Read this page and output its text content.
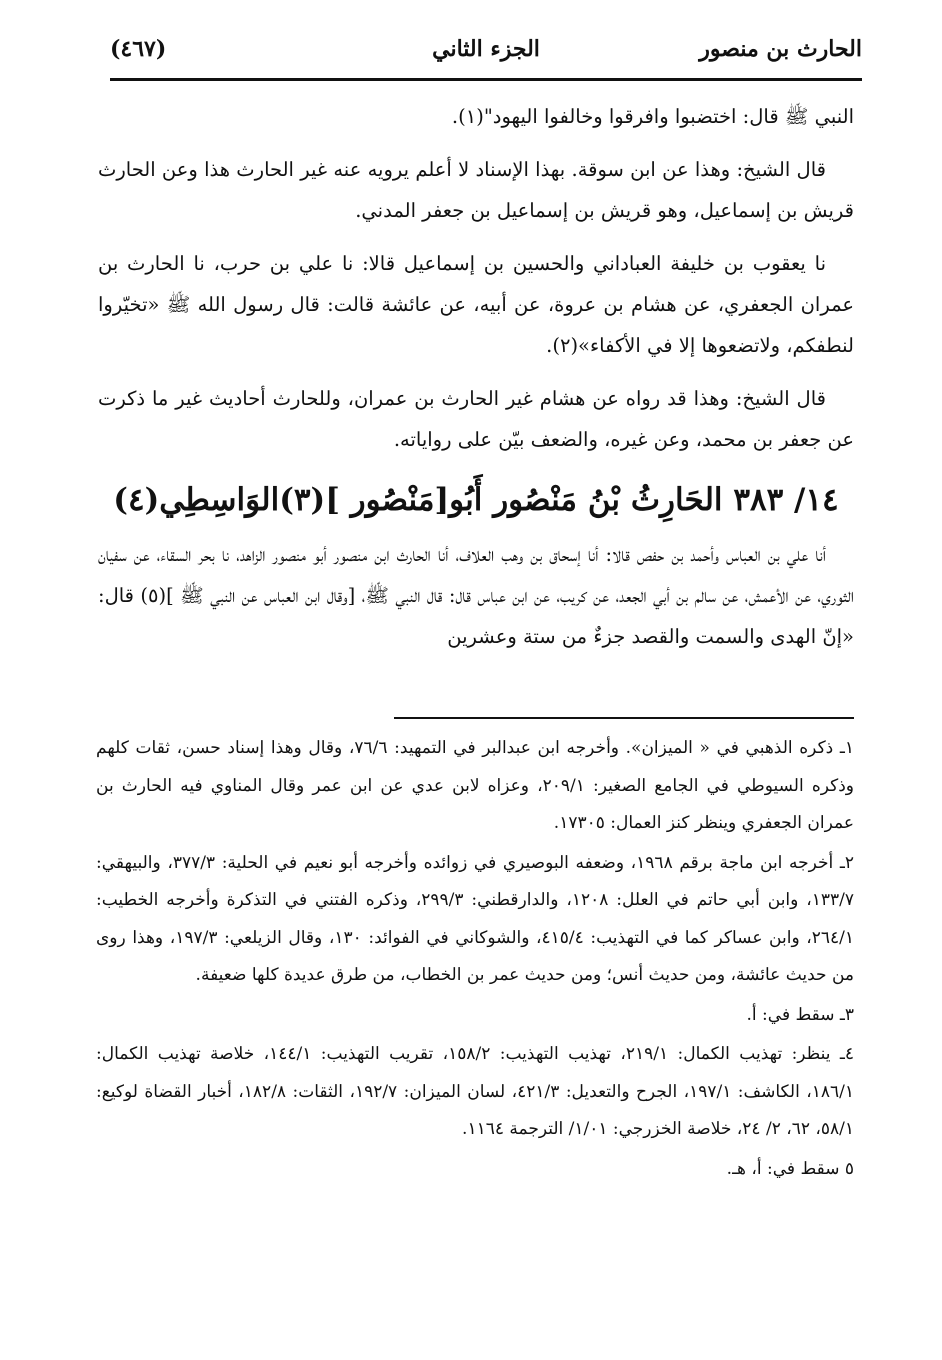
الحارث بن منصور
الجزء الثاني
(٤٦٧)

النبي ﷺ قال: اختضبوا وافرقوا وخالفوا اليهود"(١).

قال الشيخ: وهذا عن ابن سوقة. بهذا الإسناد لا أعلم يرويه عنه غير الحارث هذا وعن الحارث قريش بن إسماعيل، وهو قريش بن إسماعيل بن جعفر المدني.

نا يعقوب بن خليفة العباداني والحسين بن إسماعيل قالا: نا علي بن حرب، نا الحارث بن عمران الجعفري، عن هشام بن عروة، عن أبيه، عن عائشة قالت: قال رسول الله ﷺ «تخيّروا لنطفكم، ولاتضعوها إلا في الأكفاء»(٢).

قال الشيخ: وهذا قد رواه عن هشام غير الحارث بن عمران، وللحارث أحاديث غير ما ذكرت عن جعفر بن محمد، وعن غيره، والضعف بيّن على رواياته.

١٤/ ٣٨٣ الحَارِثُ بْنُ مَنْصُور أَبُو[مَنْصُور ](٣)الوَاسِطِي(٤)

أنا علي بن العباس وأحمد بن حفص قالا: أنا إسحاق بن وهب العلاف، أنا الحارث ابن منصور أبو منصور الزاهد، نا بحر السقاء، عن سفيان الثوري، عن الأعمش، عن سالم بن أبي الجعد، عن كريب، عن ابن عباس قال: قال النبي ﷺ، [وقال ابن العباس عن النبي ﷺ ](٥) قال: «إنّ الهدى والسمت والقصد جزءٌ من ستة وعشرين

١ـ ذكره الذهبي في « الميزان». وأخرجه ابن عبدالبر في التمهيد: ٧٦/٦، وقال وهذا إسناد حسن، ثقات كلهم وذكره السيوطي في الجامع الصغير: ٢٠٩/١، وعزاه لابن عدي عن ابن عمر وقال المناوي فيه الحارث بن عمران الجعفري وينظر كنز العمال: ١٧٣٠٥.

٢ـ أخرجه ابن ماجة برقم ١٩٦٨، وضعفه البوصيري في زوائده وأخرجه أبو نعيم في الحلية: ٣٧٧/٣، والبيهقي: ١٣٣/٧، وابن أبي حاتم في العلل: ١٢٠٨، والدارقطني: ٢٩٩/٣، وذكره الفتني في التذكرة وأخرجه الخطيب: ٢٦٤/١، وابن عساكر كما في التهذيب: ٤١٥/٤، والشوكاني في الفوائد: ١٣٠، وقال الزيلعي: ١٩٧/٣، وهذا روى من حديث عائشة، ومن حديث أنس؛ ومن حديث عمر بن الخطاب، من طرق عديدة كلها ضعيفة.

٣ـ سقط في: أ.

٤ـ ينظر: تهذيب الكمال: ٢١٩/١، تهذيب التهذيب: ١٥٨/٢، تقريب التهذيب: ١٤٤/١، خلاصة تهذيب الكمال: ١٨٦/١، الكاشف: ١٩٧/١، الجرح والتعديل: ٤٢١/٣، لسان الميزان: ١٩٢/٧، الثقات: ١٨٢/٨، أخبار القضاة لوكيع: ٥٨/١، ٦٢، ٢/ ٢٤، خلاصة الخزرجي: ١/٠١/ الترجمة ١١٦٤.

٥ سقط في: أ، هـ.
